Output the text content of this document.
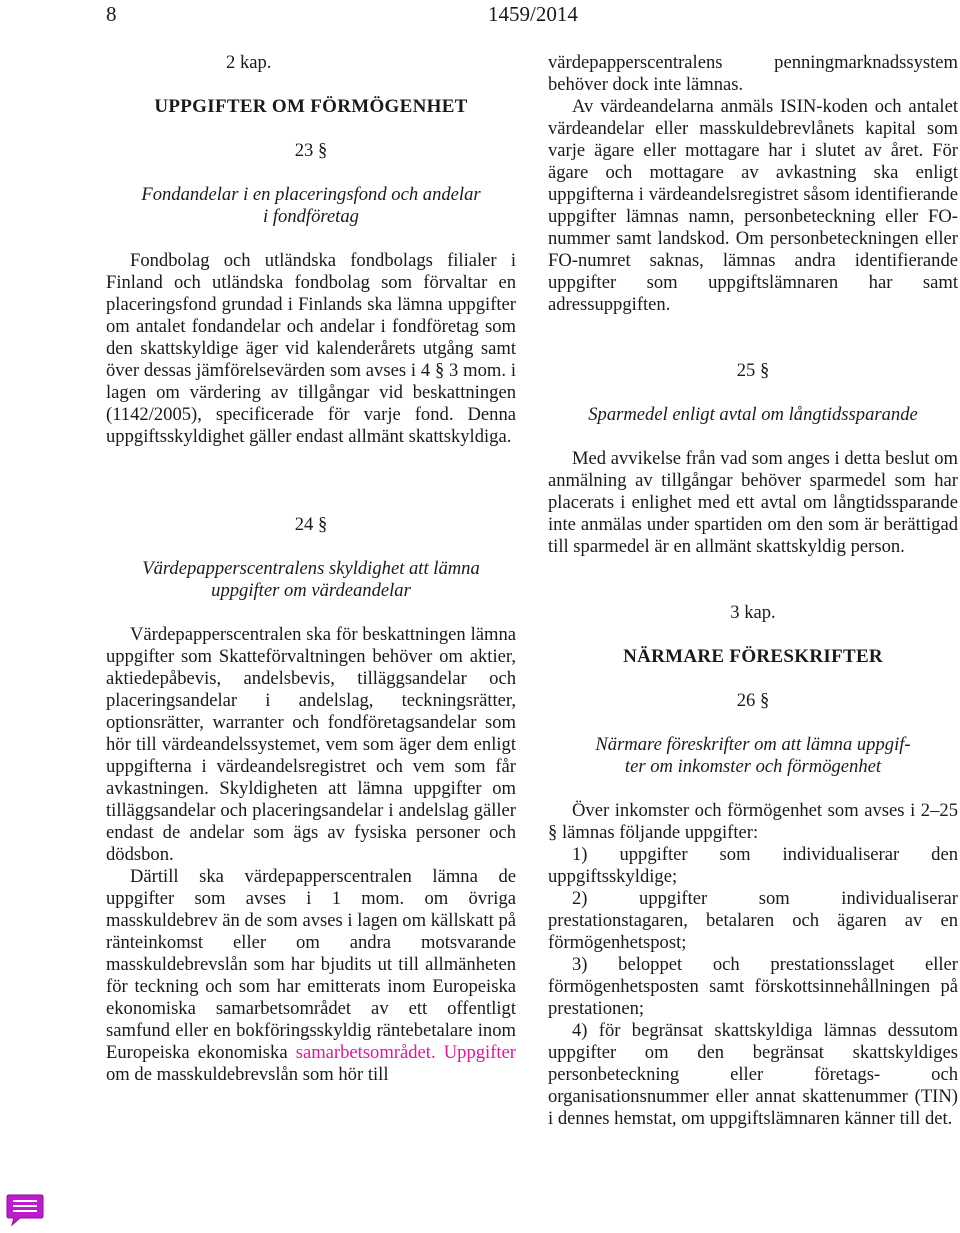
8	1459/2014
2 kap.
UPPGIFTER OM FÖRMÖGENHET
23 §
Fondandelar i en placeringsfond och andelar
i fondföretag

Fondbolag och utländska fondbolags filialer i Finland och utländska fondbolag som förvaltar en placeringsfond grundad i Finlands ska lämna uppgifter om antalet fondandelar och andelar i fondföretag som den skattskyldige äger vid kalenderårets utgång samt över dessas jämförelsevärden som avses i 4 § 3 mom. i lagen om värdering av tillgångar vid beskattningen (1142/2005), specificerade för varje fond. Denna uppgiftsskyldighet gäller endast allmänt skattskyldiga.

24 §
Värdepapperscentralens skyldighet att lämna
uppgifter om värdeandelar

Värdepapperscentralen ska för beskattningen lämna uppgifter som Skatteförvaltningen behöver om aktier, aktiedepåbevis, andelsbevis, tilläggsandelar och placeringsandelar i andelslag, teckningsrätter, optionsrätter, warranter och fondföretagsandelar som hör till värdeandelssystemet, vem som äger dem enligt uppgifterna i värdeandelsregistret och vem som får avkastningen. Skyldigheten att lämna uppgifter om tilläggsandelar och placeringsandelar i andelslag gäller endast de andelar som ägs av fysiska personer och dödsbon.

Därtill ska värdepapperscentralen lämna de uppgifter som avses i 1 mom. om övriga masskuldebrev än de som avses i lagen om källskatt på ränteinkomst eller om andra motsvarande masskuldebrevslån som har bjudits ut till allmänheten för teckning och som har emitterats inom Europeiska ekonomiska samarbetsområdet av ett offentligt samfund eller en bokföringsskyldig räntebetalare inom Europeiska ekonomiska samarbetsområdet. Uppgifter om de masskuldebrevslån som hör till

värdepapperscentralens penningmarknadssystem behöver dock inte lämnas.

Av värdeandelarna anmäls ISIN-koden och antalet värdeandelar eller masskuldebrevlånets kapital som varje ägare eller mottagare har i slutet av året. För ägare och mottagare av avkastning ska enligt uppgifterna i värdeandelsregistret såsom identifierande uppgifter lämnas namn, personbeteckning eller FO-nummer samt landskod. Om personbeteckningen eller FO-numret saknas, lämnas andra identifierande uppgifter som uppgiftslämnaren har samt adressuppgiften.

25 §
Sparmedel enligt avtal om långtidssparande

Med avvikelse från vad som anges i detta beslut om anmälning av tillgångar behöver sparmedel som har placerats i enlighet med ett avtal om långtidssparande inte anmälas under spartiden om den som är berättigad till sparmedel är en allmänt skattskyldig person.

3 kap.
NÄRMARE FÖRESKRIFTER
26 §
Närmare föreskrifter om att lämna uppgif-
ter om inkomster och förmögenhet

Över inkomster och förmögenhet som avses i 2–25 § lämnas följande uppgifter:

1) uppgifter som individualiserar den uppgiftsskyldige;

2) uppgifter som individualiserar prestationstagaren, betalaren och ägaren av en förmögenhetspost;

3) beloppet och prestationsslaget eller förmögenhetsposten samt förskottsinnehållningen på prestationen;

4) för begränsat skattskyldiga lämnas dessutom uppgifter om den begränsat skattskyldiges personbeteckning eller företags- och organisationsnummer eller annat skattenummer (TIN) i dennes hemstat, om uppgiftslämnaren känner till det.
